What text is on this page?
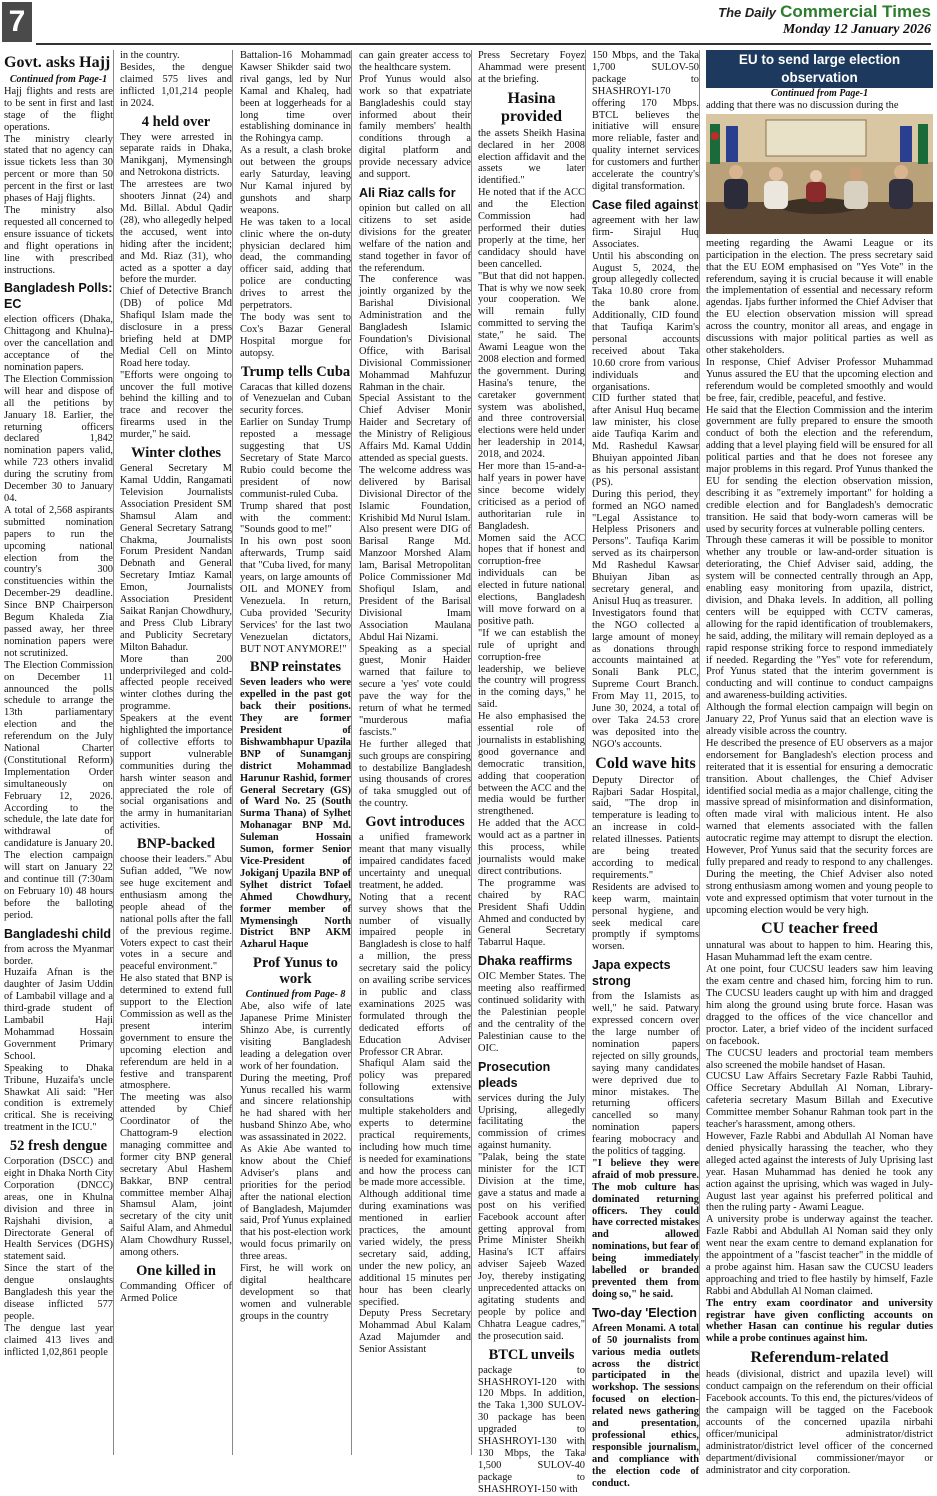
7	The Daily Commercial Times
Monday 12 January 2026
Govt. asks Hajj

Continued from Page-1

Hajj flights and rests are to be sent in first and last stage of the flight operations.

The ministry clearly stated that no agency can issue tickets less than 30 percent or more than 50 percent in the first or last phases of Hajj flights.

The ministry also requested all concerned to ensure issuance of tickets and flight operations in line with prescribed instructions.

Bangladesh Polls: EC

election officers (Dhaka, Chittagong and Khulna)-over the cancellation and acceptance of the nomination papers.

The Election Commission will hear and dispose of all the petitions by January 18. Earlier, the returning officers declared 1,842 nomination papers valid, while 723 others invalid during the scrutiny from December 30 to January 04.

A total of 2,568 aspirants submitted nomination papers to run the upcoming national election from the country's 300 constituencies within the December-29 deadline. Since BNP Chairperson Begum Khaleda Zia passed away, her three nomination papers were not scrutinized.

The Election Commission on December 11 announced the polls schedule to arrange the 13th parliamentary election and the referendum on the July National Charter (Constitutional Reform) Implementation Order simultaneously on February 12, 2026. According to the schedule, the late date for withdrawal of candidature is January 20. The election campaign will start on January 22 and continue till (7:30am on February 10) 48 hours before the balloting period.

Bangladeshi child

from across the Myanmar border.

Huzaifa Afnan is the daughter of Jasim Uddin of Lambabil village and a third-grade student of Lambabil Haji Mohammad Hossain Government Primary School.

Speaking to Dhaka Tribune, Huzaifa's uncle Shawkat Ali said: "Her condition is extremely critical. She is receiving treatment in the ICU."

52 fresh dengue

Corporation (DSCC) and eight in Dhaka North City Corporation (DNCC) areas, one in Khulna division and three in Rajshahi division, a Directorate General of Health Services (DGHS) statement said.

Since the start of the dengue onslaughts Bangladesh this year the disease inflicted 577 people.

The dengue last year claimed 413 lives and inflicted 1,02,861 people

in the country.

Besides, the dengue claimed 575 lives and inflicted 1,01,214 people in 2024.

4 held over

They were arrested in separate raids in Dhaka, Manikganj, Mymensingh and Netrokona districts.

The arrestees are two shooters Jinnat (24) and Md. Billal. Abdul Qadir (28), who allegedly helped the accused, went into hiding after the incident; and Md. Riaz (31), who acted as a spotter a day before the murder.

Chief of Detective Branch (DB) of police Md Shafiqul Islam made the disclosure in a press briefing held at DMP Medial Cell on Minto Road here today.

"Efforts were ongoing to uncover the full motive behind the killing and to trace and recover the firearms used in the murder," he said.

Winter clothes

General Secretary M Kamal Uddin, Rangamati Television Journalists Association President SM Shamsul Alam and General Secretary Satrang Chakma, Journalists Forum President Nandan Debnath and General Secretary Imtiaz Kamal Emon, Journalists Association President Saikat Ranjan Chowdhury, and Press Club Library and Publicity Secretary Milton Bahadur.

More than 200 underprivileged and cold-affected people received winter clothes during the programme.

Speakers at the event highlighted the importance of collective efforts to support vulnerable communities during the harsh winter season and appreciated the role of social organisations and the army in humanitarian activities.

BNP-backed

choose their leaders." Abu Sufian added, "We now see huge excitement and enthusiasm among the people ahead of the national polls after the fall of the previous regime. Voters expect to cast their votes in a secure and peaceful environment."

He also stated that BNP is determined to extend full support to the Election Commission as well as the present interim government to ensure the upcoming election and referendum are held in a festive and transparent atmosphere.

The meeting was also attended by Chief Coordinator of the Chattogram-9 election managing committee and former city BNP general secretary Abul Hashem Bakkar, BNP central committee member Alhaj Shamsul Alam, joint secretary of the city unit Saiful Alam, and Ahmedul Alam Chowdhury Russel, among others.

One killed in

Commanding Officer of Armed Police

Battalion-16 Mohammad Kawser Shikder said two rival gangs, led by Nur Kamal and Khaleq, had been at loggerheads for a long time over establishing dominance in the Rohingya camp.

As a result, a clash broke out between the groups early Saturday, leaving Nur Kamal injured by gunshots and sharp weapons.

He was taken to a local clinic where the on-duty physician declared him dead, the commanding officer said, adding that police are conducting drives to arrest the perpetrators.

The body was sent to Cox's Bazar General Hospital morgue for autopsy.

Trump tells Cuba

Caracas that killed dozens of Venezuelan and Cuban security forces.

Earlier on Sunday Trump reposted a message suggesting that US Secretary of State Marco Rubio could become the president of now communist-ruled Cuba.

Trump shared that post with the comment: "Sounds good to me!"

In his own post soon afterwards, Trump said that "Cuba lived, for many years, on large amounts of OIL and MONEY from Venezuela. In return, Cuba provided 'Security Services' for the last two Venezuelan dictators, BUT NOT ANYMORE!"

BNP reinstates

Seven leaders who were expelled in the past got back their positions. They are former President of Bishwambhapur Upazila BNP of Sunamganj district Mohammad Harunur Rashid, former General Secretary (GS) of Ward No. 25 (South Surma Thana) of Sylhet Mohanagar BNP Md. Suleman Hossain Sumon, former Senior Vice-President of Jokiganj Upazila BNP of Sylhet district Tofael Ahmed Chowdhury, former member of Mymensingh North District BNP AKM Azharul Haque

Prof Yunus to work

Continued from Page- 8

Abe, also wife of late Japanese Prime Minister Shinzo Abe, is currently visiting Bangladesh leading a delegation over work of her foundation.

During the meeting, Prof Yunus recalled his warm and sincere relationship he had shared with her husband Shinzo Abe, who was assassinated in 2022.

As Akie Abe wanted to know about the Chief Adviser's plans and priorities for the period after the national election of Bangladesh, Majumder said, Prof Yunus explained that his post-election work would focus primarily on three areas.

First, he will work on digital healthcare development so that women and vulnerable groups in the country

can gain greater access to the healthcare system.

Prof Yunus would also work so that expatriate Bangladeshis could stay informed about their family members' health conditions through a digital platform and provide necessary advice and support.

Ali Riaz calls for

opinion but called on all citizens to set aside divisions for the greater welfare of the nation and stand together in favor of the referendum.

The conference was jointly organized by the Barishal Divisional Administration and the Bangladesh Islamic Foundation's Divisional Office, with Barisal Divisional Commissioner Mohammad Mahfuzur Rahman in the chair.

Special Assistant to the Chief Adviser Monir Haider and Secretary of the Ministry of Religious Affairs Md. Kamal Uddin attended as special guests.

The welcome address was delivered by Barisal Divisional Director of the Islamic Foundation, Krishibid Md Nurul Islam.

Also present were DIG of Barisal Range Md. Manzoor Morshed Alam lam, Barisal Metropolitan Police Commissioner Md Shofiqul Islam, and President of the Barisal Divisional Imam Association Maulana Abdul Hai Nizami.

Speaking as a special guest, Monir Haider warned that failure to secure a 'yes' vote could pave the way for the return of what he termed "murderous mafia fascists."

He further alleged that such groups are conspiring to destabilize Bangladesh using thousands of crores of taka smuggled out of the country.

Govt introduces

a unified framework meant that many visually impaired candidates faced uncertainty and unequal treatment, he added.

Noting that a recent survey shows that the number of visually impaired people in Bangladesh is close to half a million, the press secretary said the policy on availing scribe services in public and class examinations 2025 was formulated through the dedicated efforts of Education Adviser Professor CR Abrar.

Shafiqul Alam said the policy was prepared following extensive consultations with multiple stakeholders and experts to determine practical requirements, including how much time is needed for examinations and how the process can be made more accessible.

Although additional time during examinations was mentioned in earlier practices, the amount varied widely, the press secretary said, adding, under the new policy, an additional 15 minutes per hour has been clearly specified.

Deputy Press Secretary Mohammad Abul Kalam Azad Majumder and Senior Assistant

Press Secretary Foyez Ahammad were present at the briefing.

Hasina provided

the assets Sheikh Hasina declared in her 2008 election affidavit and the assets we later identified."

He noted that if the ACC and the Election Commission had performed their duties properly at the time, her candidacy should have been cancelled.

"But that did not happen. That is why we now seek your cooperation. We will remain fully committed to serving the state," he said. The Awami League won the 2008 election and formed the government. During Hasina's tenure, the caretaker government system was abolished, and three controversial elections were held under her leadership in 2014, 2018, and 2024.

Her more than 15-and-a-half years in power have since become widely criticised as a period of authoritarian rule in Bangladesh.

Momen said the ACC hopes that if honest and corruption-free individuals can be elected in future national elections, Bangladesh will move forward on a positive path.

"If we can establish the rule of upright and corruption-free leadership, we believe the country will progress in the coming days," he said.

He also emphasised the essential role of journalists in establishing good governance and democratic transition, adding that cooperation between the ACC and the media would be further strengthened.

He added that the ACC would act as a partner in this process, while journalists would make direct contributions.

The programme was chaired by RAC President Shafi Uddin Ahmed and conducted by General Secretary Tabarrul Haque.

Dhaka reaffirms

OIC Member States. The meeting also reaffirmed continued solidarity with the Palestinian people and the centrality of the Palestinian cause to the OIC.

Prosecution pleads

services during the July Uprising, allegedly facilitating the commission of crimes against humanity.

"Palak, being the state minister for the ICT Division at the time, gave a status and made a post on his verified Facebook account after getting approval from Prime Minister Sheikh Hasina's ICT affairs adviser Sajeeb Wazed Joy, thereby instigating unprecedented attacks on agitating students and people by police and Chhatra League cadres," the prosecution said.

BTCL unveils

package to SHASHROYI-120 with 120 Mbps. In addition, the Taka 1,300 SULOV-30 package has been upgraded to SHASHROYI-130 with 130 Mbps, the Taka 1,500 SULOV-40 package to SHASHROYI-150 with

150 Mbps, and the Taka 1,700 SULOV-50 package to SHASHROYI-170 offering 170 Mbps. BTCL believes the initiative will ensure more reliable, faster and quality internet services for customers and further accelerate the country's digital transformation.

Case filed against

agreement with her law firm- Sirajul Huq Associates.

Until his absconding on August 5, 2024, the group allegedly collected Taka 10.80 crore from the bank alone. Additionally, CID found that Taufiqa Karim's personal accounts received about Taka 10.60 crore from various individuals and organisations.

CID further stated that after Anisul Huq became law minister, his close aide Taufiqa Karim and Md. Rashedul Kawsar Bhuiyan appointed Jiban as his personal assistant (PS).

During this period, they formed an NGO named "Legal Assistance to Helpless Prisoners and Persons". Taufiqa Karim served as its chairperson Md Rashedul Kawsar Bhuiyan Jiban as secretary general, and Anisul Huq as treasurer.

Investigators found that the NGO collected a large amount of money as donations through accounts maintained at Sonali Bank PLC, Supreme Court Branch. From May 11, 2015, to June 30, 2024, a total of over Taka 24.53 crore was deposited into the NGO's accounts.

Cold wave hits

Deputy Director of Rajbari Sadar Hospital, said, "The drop in temperature is leading to an increase in cold-related illnesses. Patients are being treated according to medical requirements."

Residents are advised to keep warm, maintain personal hygiene, and seek medical care promptly if symptoms worsen.

Japa expects strong

from the Islamists as well," he said. Patwary expressed concern over the large number of nomination papers rejected on silly grounds, saying many candidates were deprived due to minor mistakes. The returning officers cancelled so many nomination papers fearing mobocracy and the politics of tagging.

"I believe they were afraid of mob pressure. The mob culture has dominated returning officers. They could have corrected mistakes and allowed nominations, but fear of being immediately labelled or branded prevented them from doing so," he said.

Two-day 'Election

Afreen Monami. A total of 50 journalists from various media outlets across the district participated in the workshop. The sessions focused on election-related news gathering and presentation, professional ethics, responsible journalism, and compliance with the election code of conduct.

EU to send large election observation

Continued from Page-1

adding that there was no discussion during the

meeting regarding the Awami League or its participation in the election. The press secretary said that the EU EOM emphasised on "Yes Vote" in the referendum, saying it is crucial because it will enable the implementation of essential and necessary reform agendas. Ijabs further informed the Chief Adviser that the EU election observation mission will spread across the country, monitor all areas, and engage in discussions with major political parties as well as other stakeholders.

In response, Chief Adviser Professor Muhammad Yunus assured the EU that the upcoming election and referendum would be completed smoothly and would be free, fair, credible, peaceful, and festive.

He said that the Election Commission and the interim government are fully prepared to ensure the smooth conduct of both the election and the referendum, adding that a level playing field will be ensured for all political parties and that he does not foresee any major problems in this regard. Prof Yunus thanked the EU for sending the election observation mission, describing it as "extremely important" for holding a credible election and for Bangladesh's democratic transition. He said that body-worn cameras will be used by security forces at vulnerable polling centers.

Through these cameras it will be possible to monitor whether any trouble or law-and-order situation is deteriorating, the Chief Adviser said, adding, the system will be connected centrally through an App, enabling easy monitoring from upazila, district, division, and Dhaka levels. In addition, all polling centers will be equipped with CCTV cameras, allowing for the rapid identification of troublemakers, he said, adding, the military will remain deployed as a rapid response striking force to respond immediately if needed. Regarding the "Yes" vote for referendum, Prof Yunus stated that the interim government is conducting and will continue to conduct campaigns and awareness-building activities.

Although the formal election campaign will begin on January 22, Prof Yunus said that an election wave is already visible across the country.

He described the presence of EU observers as a major endorsement for Bangladesh's election process and reiterated that it is essential for ensuring a democratic transition. About challenges, the Chief Adviser identified social media as a major challenge, citing the massive spread of misinformation and disinformation, often made viral with malicious intent. He also warned that elements associated with the fallen autocratic regime may attempt to disrupt the election. However, Prof Yunus said that the security forces are fully prepared and ready to respond to any challenges. During the meeting, the Chief Adviser also noted strong enthusiasm among women and young people to vote and expressed optimism that voter turnout in the upcoming election would be very high.

CU teacher freed

unnatural was about to happen to him. Hearing this, Hasan Muhammad left the exam centre.

At one point, four CUCSU leaders saw him leaving the exam centre and chased him, forcing him to run. The CUCSU leaders caught up with him and dragged him along the ground using brute force. Hasan was dragged to the offices of the vice chancellor and proctor. Later, a brief video of the incident surfaced on facebook.

The CUCSU leaders and proctorial team members also screened the mobile handset of Hasan.

CUCSU Law Affairs Secretary Fazle Rabbi Tauhid, Office Secretary Abdullah Al Noman, Library-cafeteria secretary Masum Billah and Executive Committee member Sohanur Rahman took part in the teacher's harassment, among others.

However, Fazle Rabbi and Abdullah Al Noman have denied physically harassing the teacher, who they alleged acted against the interests of July Uprising last year. Hasan Muhammad has denied he took any action against the uprising, which was waged in July-August last year against his preferred political and then the ruling party - Awami League.

A university probe is underway against the teacher. Fazle Rabbi and Abdullah Al Noman said they only went near the exam centre to demand explanation for the appointment of a "fascist teacher" in the middle of a probe against him. Hasan saw the CUCSU leaders approaching and tried to flee hastily by himself, Fazle Rabbi and Abdullah Al Noman claimed.

The entry exam coordinator and university registrar have given conflicting accounts on whether Hasan can continue his regular duties while a probe continues against him.

Referendum-related

heads (divisional, district and upazila level) will conduct campaign on the referendum on their official Facebook accounts. To this end, the pictures/videos of the campaign will be tagged on the Facebook accounts of the concerned upazila nirbahi officer/municipal administrator/district administrator/district level officer of the concerned department/divisional commissioner/mayor or administrator and city corporation.
